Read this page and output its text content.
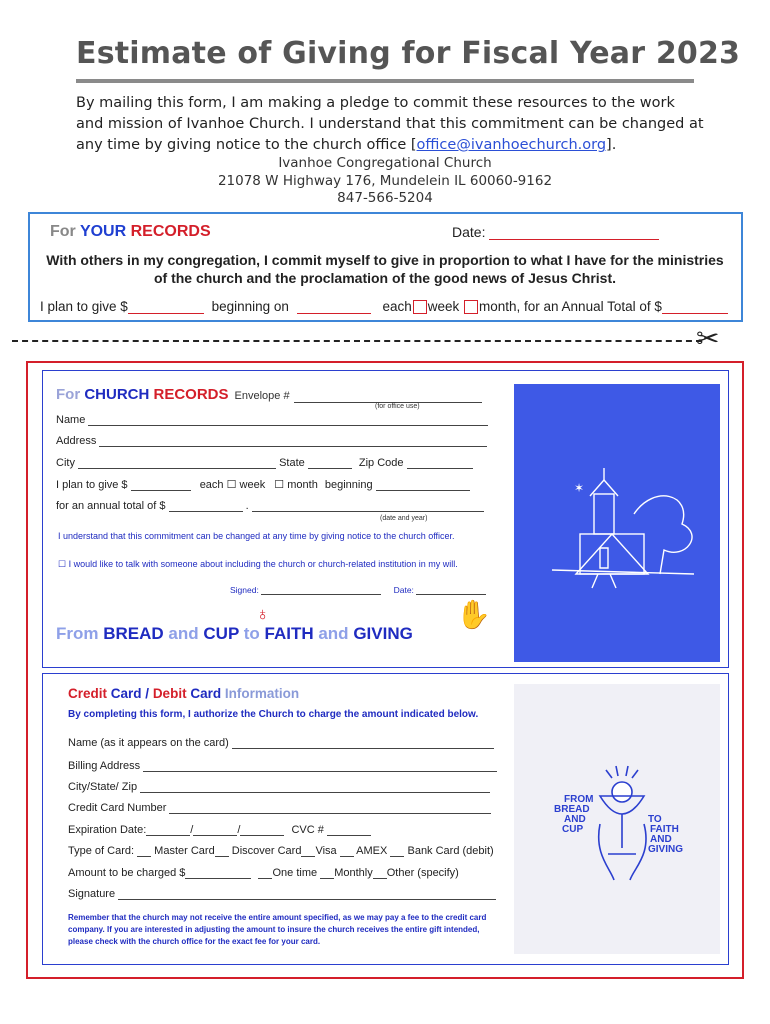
Estimate of Giving for Fiscal Year 2023
By mailing this form, I am making a pledge to commit these resources to the work and mission of Ivanhoe Church. I understand that this commitment can be changed at any time by giving notice to the church office [office@ivanhoechurch.org].
Ivanhoe Congregational Church
21078 W Highway 176, Mundelein IL 60060-9162
847-566-5204
For YOUR RECORDS	Date:
With others in my congregation, I commit myself to give in proportion to what I have for the ministries of the church and the proclamation of the good news of Jesus Christ.
I plan to give $	beginning on	each week month, for an Annual Total of $
✂
✶
FROM
BREAD
AND
CUP
TO
FAITH
AND
GIVING
For CHURCH RECORDS Envelope #
(for office use)
Name
Address
City	State	Zip Code
I plan to give $	each ☐ week ☐ month beginning
for an annual total of $	.
(date and year)
I understand that this commitment can be changed at any time by giving notice to the church officer.
☐ I would like to talk with someone about including the church or church-related institution in my will.
Signed:	Date:
From BREAD and CUP to FAITH and GIVING
✋
♁
Credit Card / Debit Card Information
By completing this form, I authorize the Church to charge the amount indicated below.
Name (as it appears on the card)
Billing Address
City/State/ Zip
Credit Card Number
Expiration Date:	/	/	CVC #
Type of Card: Master Card Discover Card Visa AMEX Bank Card (debit)
Amount to be charged $	One time Monthly Other (specify)
Signature
Remember that the church may not receive the entire amount specified, as we may pay a fee to the credit card company. If you are interested in adjusting the amount to insure the church receives the entire gift intended, please check with the church office for the exact fee for your card.
